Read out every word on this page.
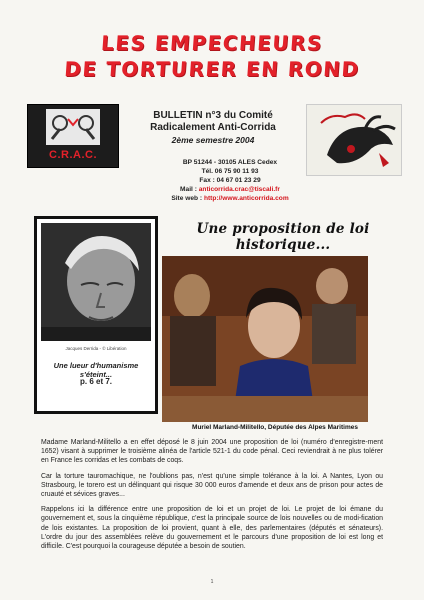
LES EMPECHEURS
DE TORTURER EN ROND
C.R.A.C.
BULLETIN n°3 du Comité
Radicalement Anti-Corrida
2ème semestre 2004
BP 51244 - 30105 ALES Cedex
Tél. 06 75 90 11 93
Fax : 04 67 01 23 29
Mail : anticorrida.crac@tiscali.fr
Site web : http://www.anticorrida.com
Jacques Derrida - © Libération
Une lueur d'humanisme s'éteint...
p. 6 et 7.
Une proposition de loi historique...
Muriel Marland-Militello, Députée des Alpes Maritimes

Madame Marland-Militello a en effet déposé le 8 juin 2004 une proposition de loi (numéro d'enregistre-ment 1652) visant à supprimer le troisième alinéa de l'article 521-1 du code pénal. Ceci reviendrait à ne plus tolérer en France les corridas et les combats de coqs.

Car la torture tauromachique, ne l'oublions pas, n'est qu'une simple tolérance à la loi. A Nantes, Lyon ou Strasbourg, le torero est un délinquant qui risque 30 000 euros d'amende et deux ans de prison pour actes de cruauté et sévices graves...

Rappelons ici la différence entre une proposition de loi et un projet de loi. Le projet de loi émane du gouvernement et, sous la cinquième république, c'est la principale source de lois nouvelles ou de modi-fication de lois existantes. La proposition de loi provient, quant à elle, des parlementaires (députés et sénateurs). L'ordre du jour des assemblées relève du gouvernement et le parcours d'une proposition de loi est long et difficile. C'est pourquoi la courageuse députée a besoin de soutien.

1
